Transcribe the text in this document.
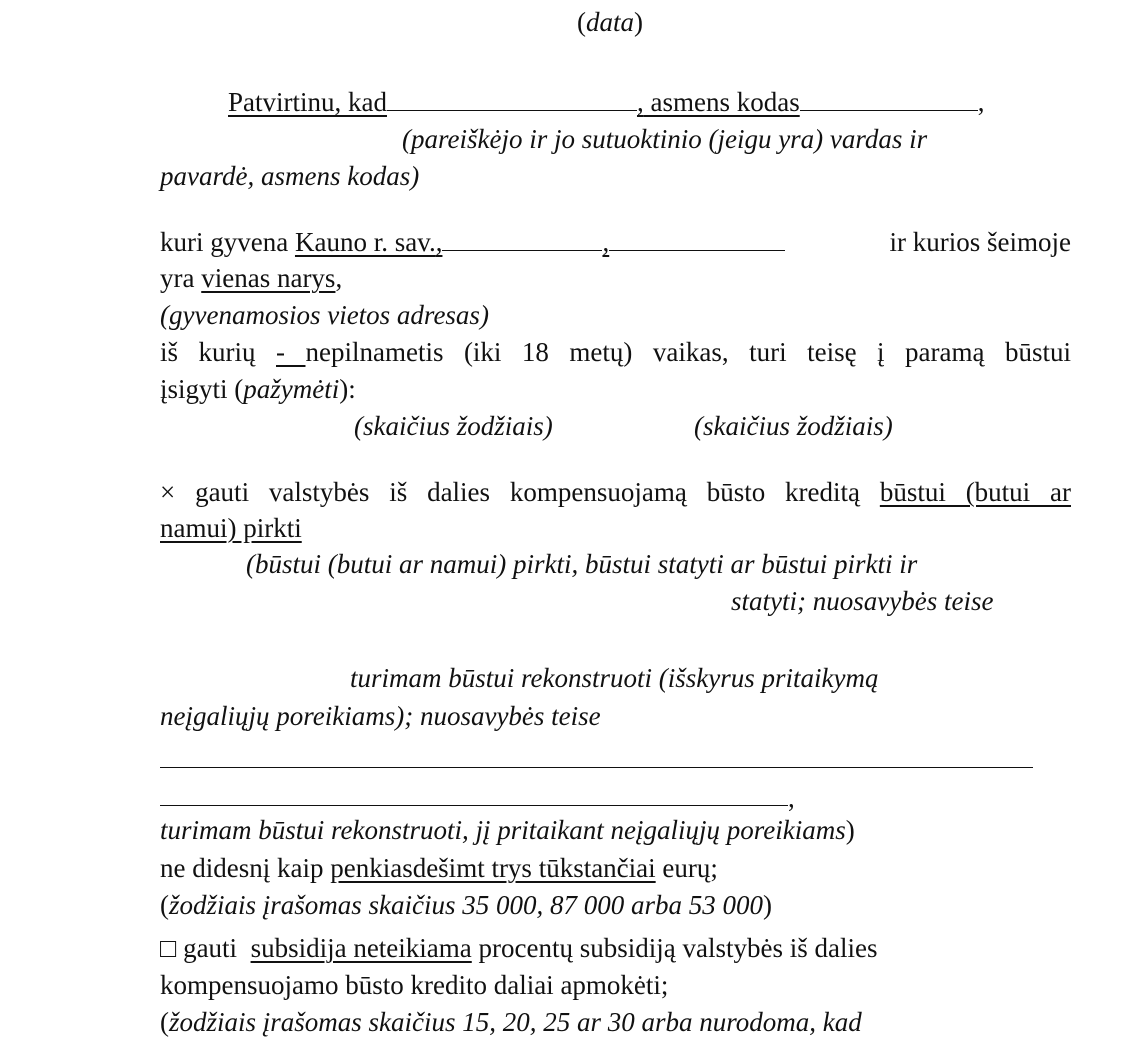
(data)
Patvirtinu, kad	, asmens kodas	,
(pareiškėjo ir jo sutuoktinio (jeigu yra) vardas ir
pavardė, asmens kodas)
kuri gyvena Kauno r. sav.,	,	ir kurios šeimoje
yra vienas narys,
(gyvenamosios vietos adresas)
iš kurių - nepilnametis (iki 18 metų) vaikas, turi teisę į paramą būstui
įsigyti (pažymėti):
(skaičius žodžiais)	(skaičius žodžiais)
× gauti valstybės iš dalies kompensuojamą būsto kreditą būstui (butui ar
namui) pirkti
(būstui (butui ar namui) pirkti, būstui statyti ar būstui pirkti ir
statyti; nuosavybės teise
turimam būstui rekonstruoti (išskyrus pritaikymą
neįgaliųjų poreikiams); nuosavybės teise
,
turimam būstui rekonstruoti, jį pritaikant neįgaliųjų poreikiams)
ne didesnį kaip penkiasdešimt trys tūkstančiai eurų;
(žodžiais įrašomas skaičius 35 000, 87 000 arba 53 000)
□ gauti subsidija neteikiama procentų subsidiją valstybės iš dalies
kompensuojamo būsto kredito daliai apmokėti;
(žodžiais įrašomas skaičius 15, 20, 25 ar 30 arba nurodoma, kad
